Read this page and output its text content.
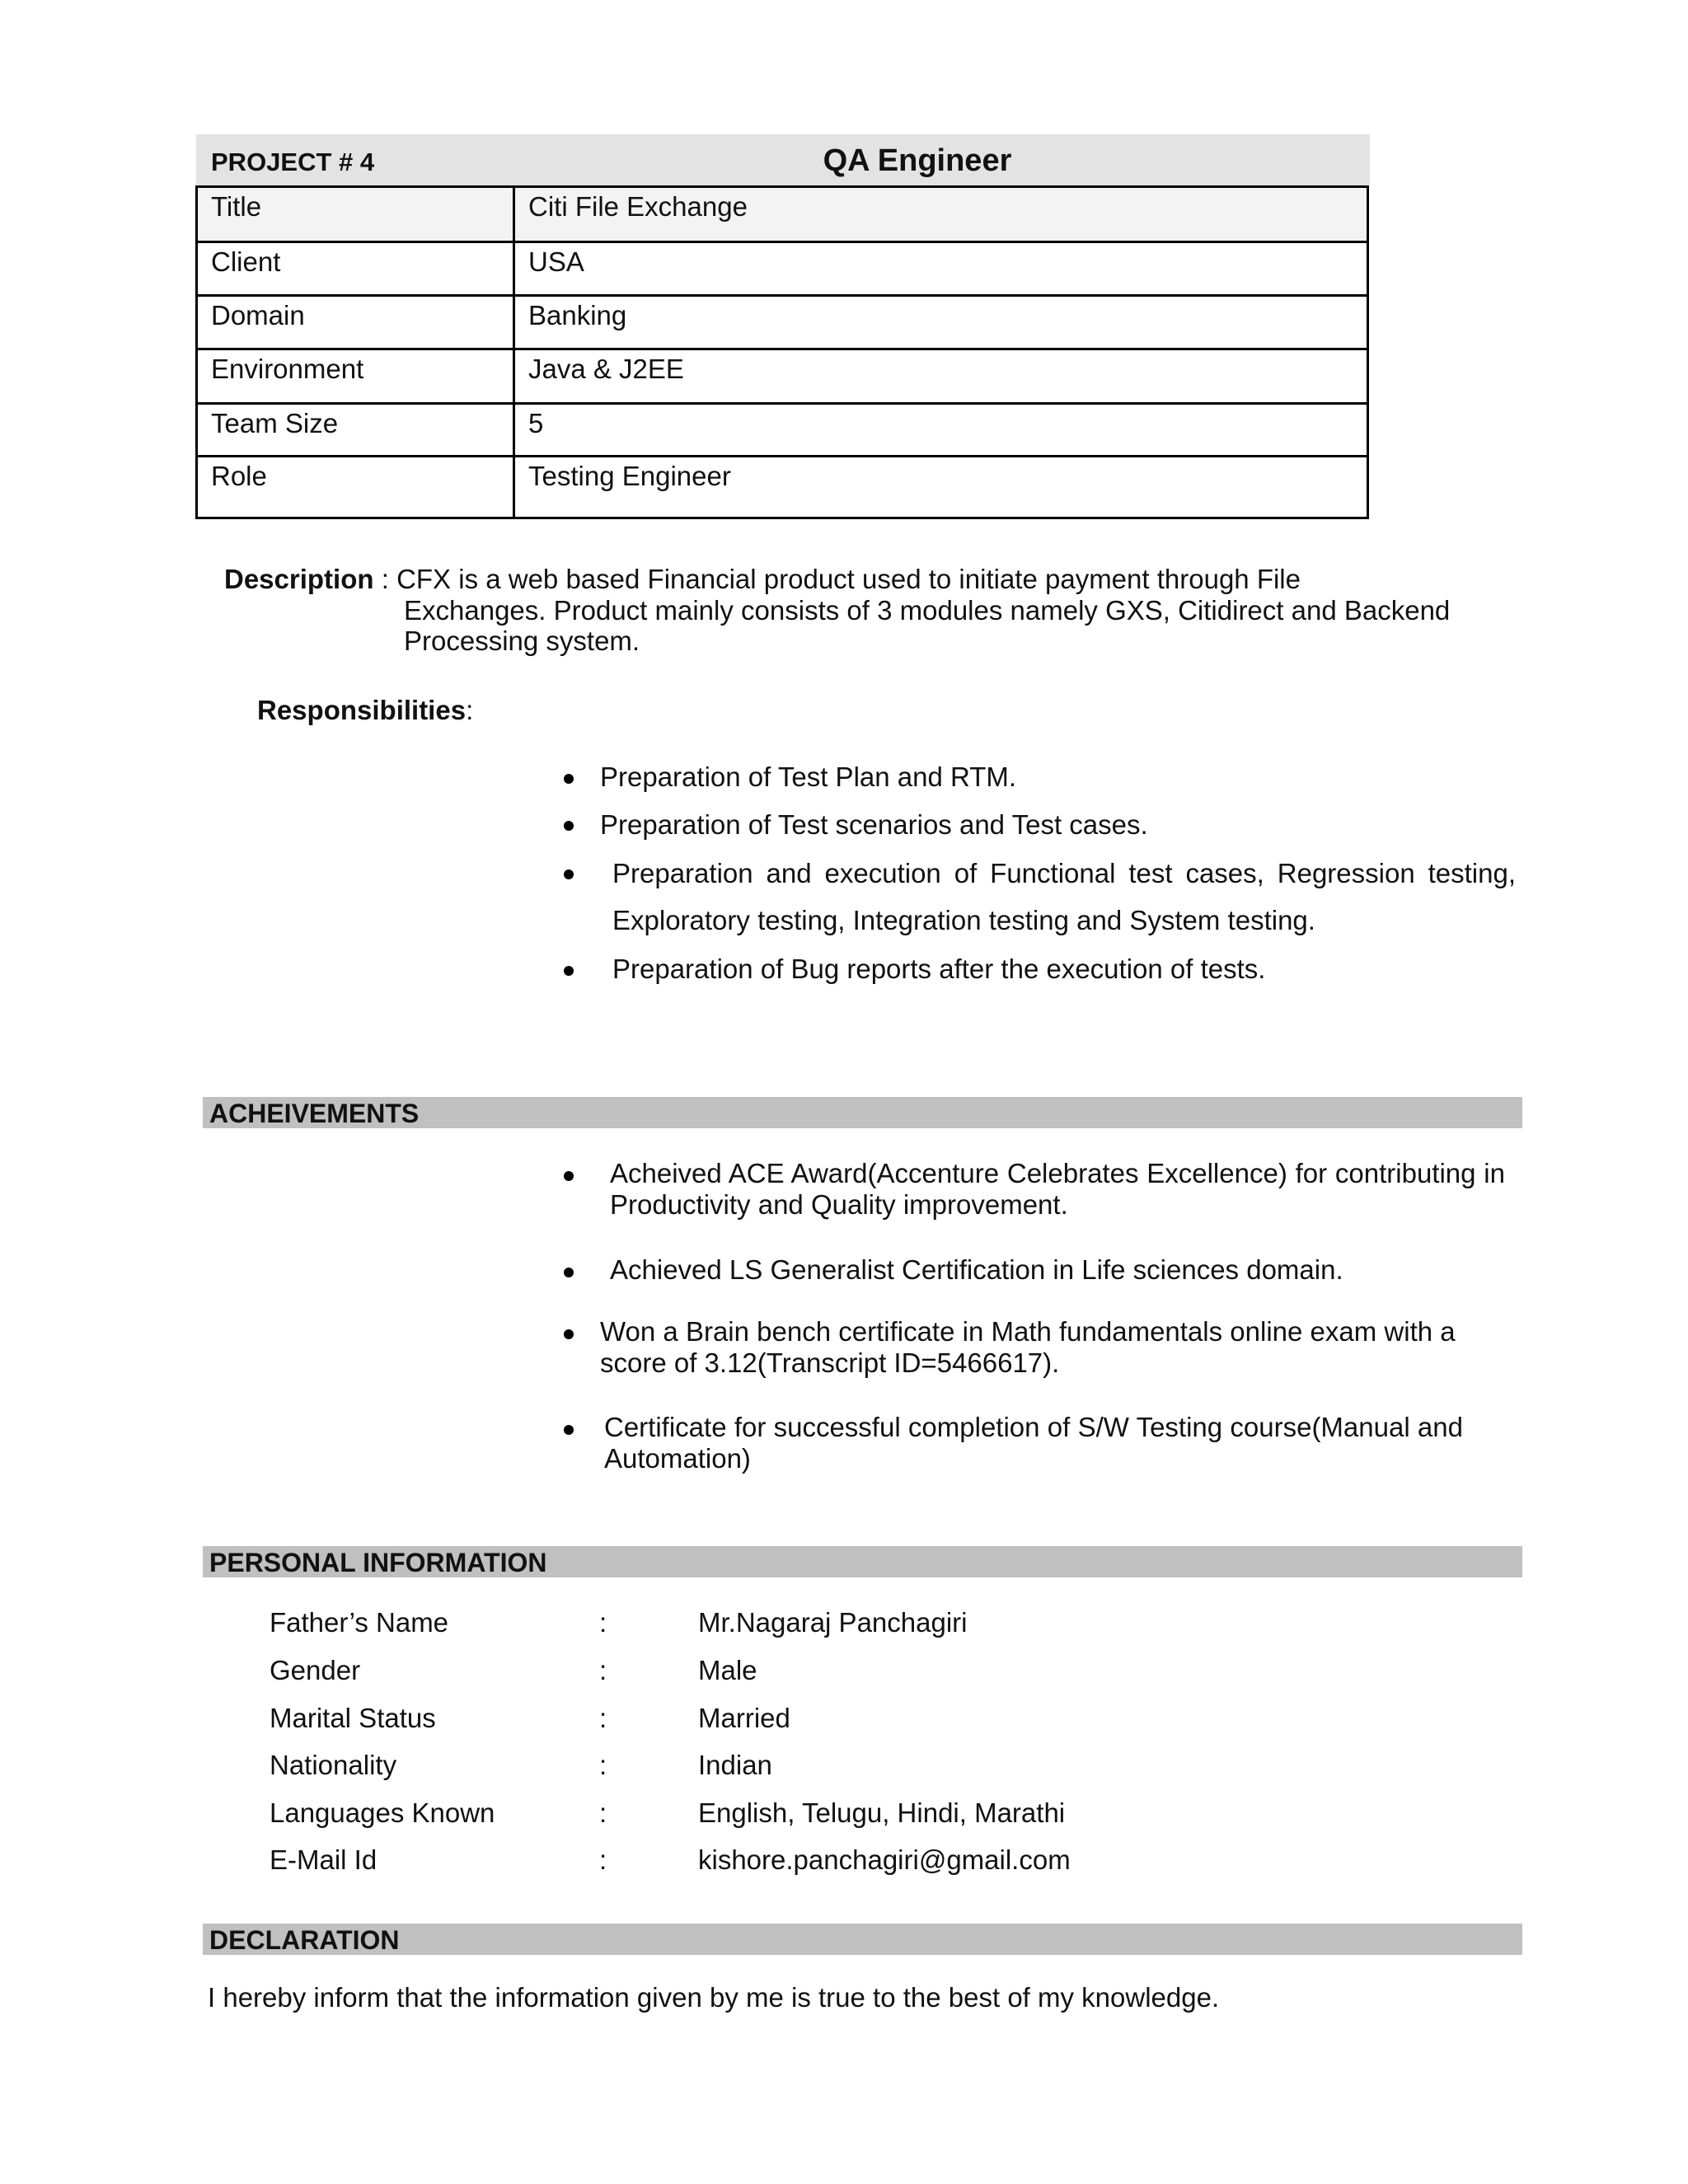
PROJECT # 4	QA Engineer
Title	Citi File Exchange
Client	USA
Domain	Banking
Environment	Java & J2EE
Team Size	5
Role	Testing Engineer
Description : CFX is a web based Financial product used to initiate payment through File
Exchanges. Product mainly consists of 3 modules namely GXS, Citidirect and Backend
Processing system.
Responsibilities:
Preparation of Test Plan and RTM.
Preparation of Test scenarios and Test cases.
Preparation and execution of Functional test cases, Regression testing,
Exploratory testing, Integration testing and System testing.
Preparation of Bug reports after the execution of tests.
ACHEIVEMENTS
Acheived ACE Award(Accenture Celebrates Excellence) for contributing in
Productivity and Quality improvement.
Achieved LS Generalist Certification in Life sciences domain.
Won a Brain bench certificate in Math fundamentals online exam with a
score of 3.12(Transcript ID=5466617).
Certificate for successful completion of S/W Testing course(Manual and
Automation)
PERSONAL INFORMATION
Father’s Name	:	Mr.Nagaraj Panchagiri
Gender	:	Male
Marital Status	:	Married
Nationality	:	Indian
Languages Known	:	English, Telugu, Hindi, Marathi
E-Mail Id	:	kishore.panchagiri@gmail.com
DECLARATION
I hereby inform that the information given by me is true to the best of my knowledge.
